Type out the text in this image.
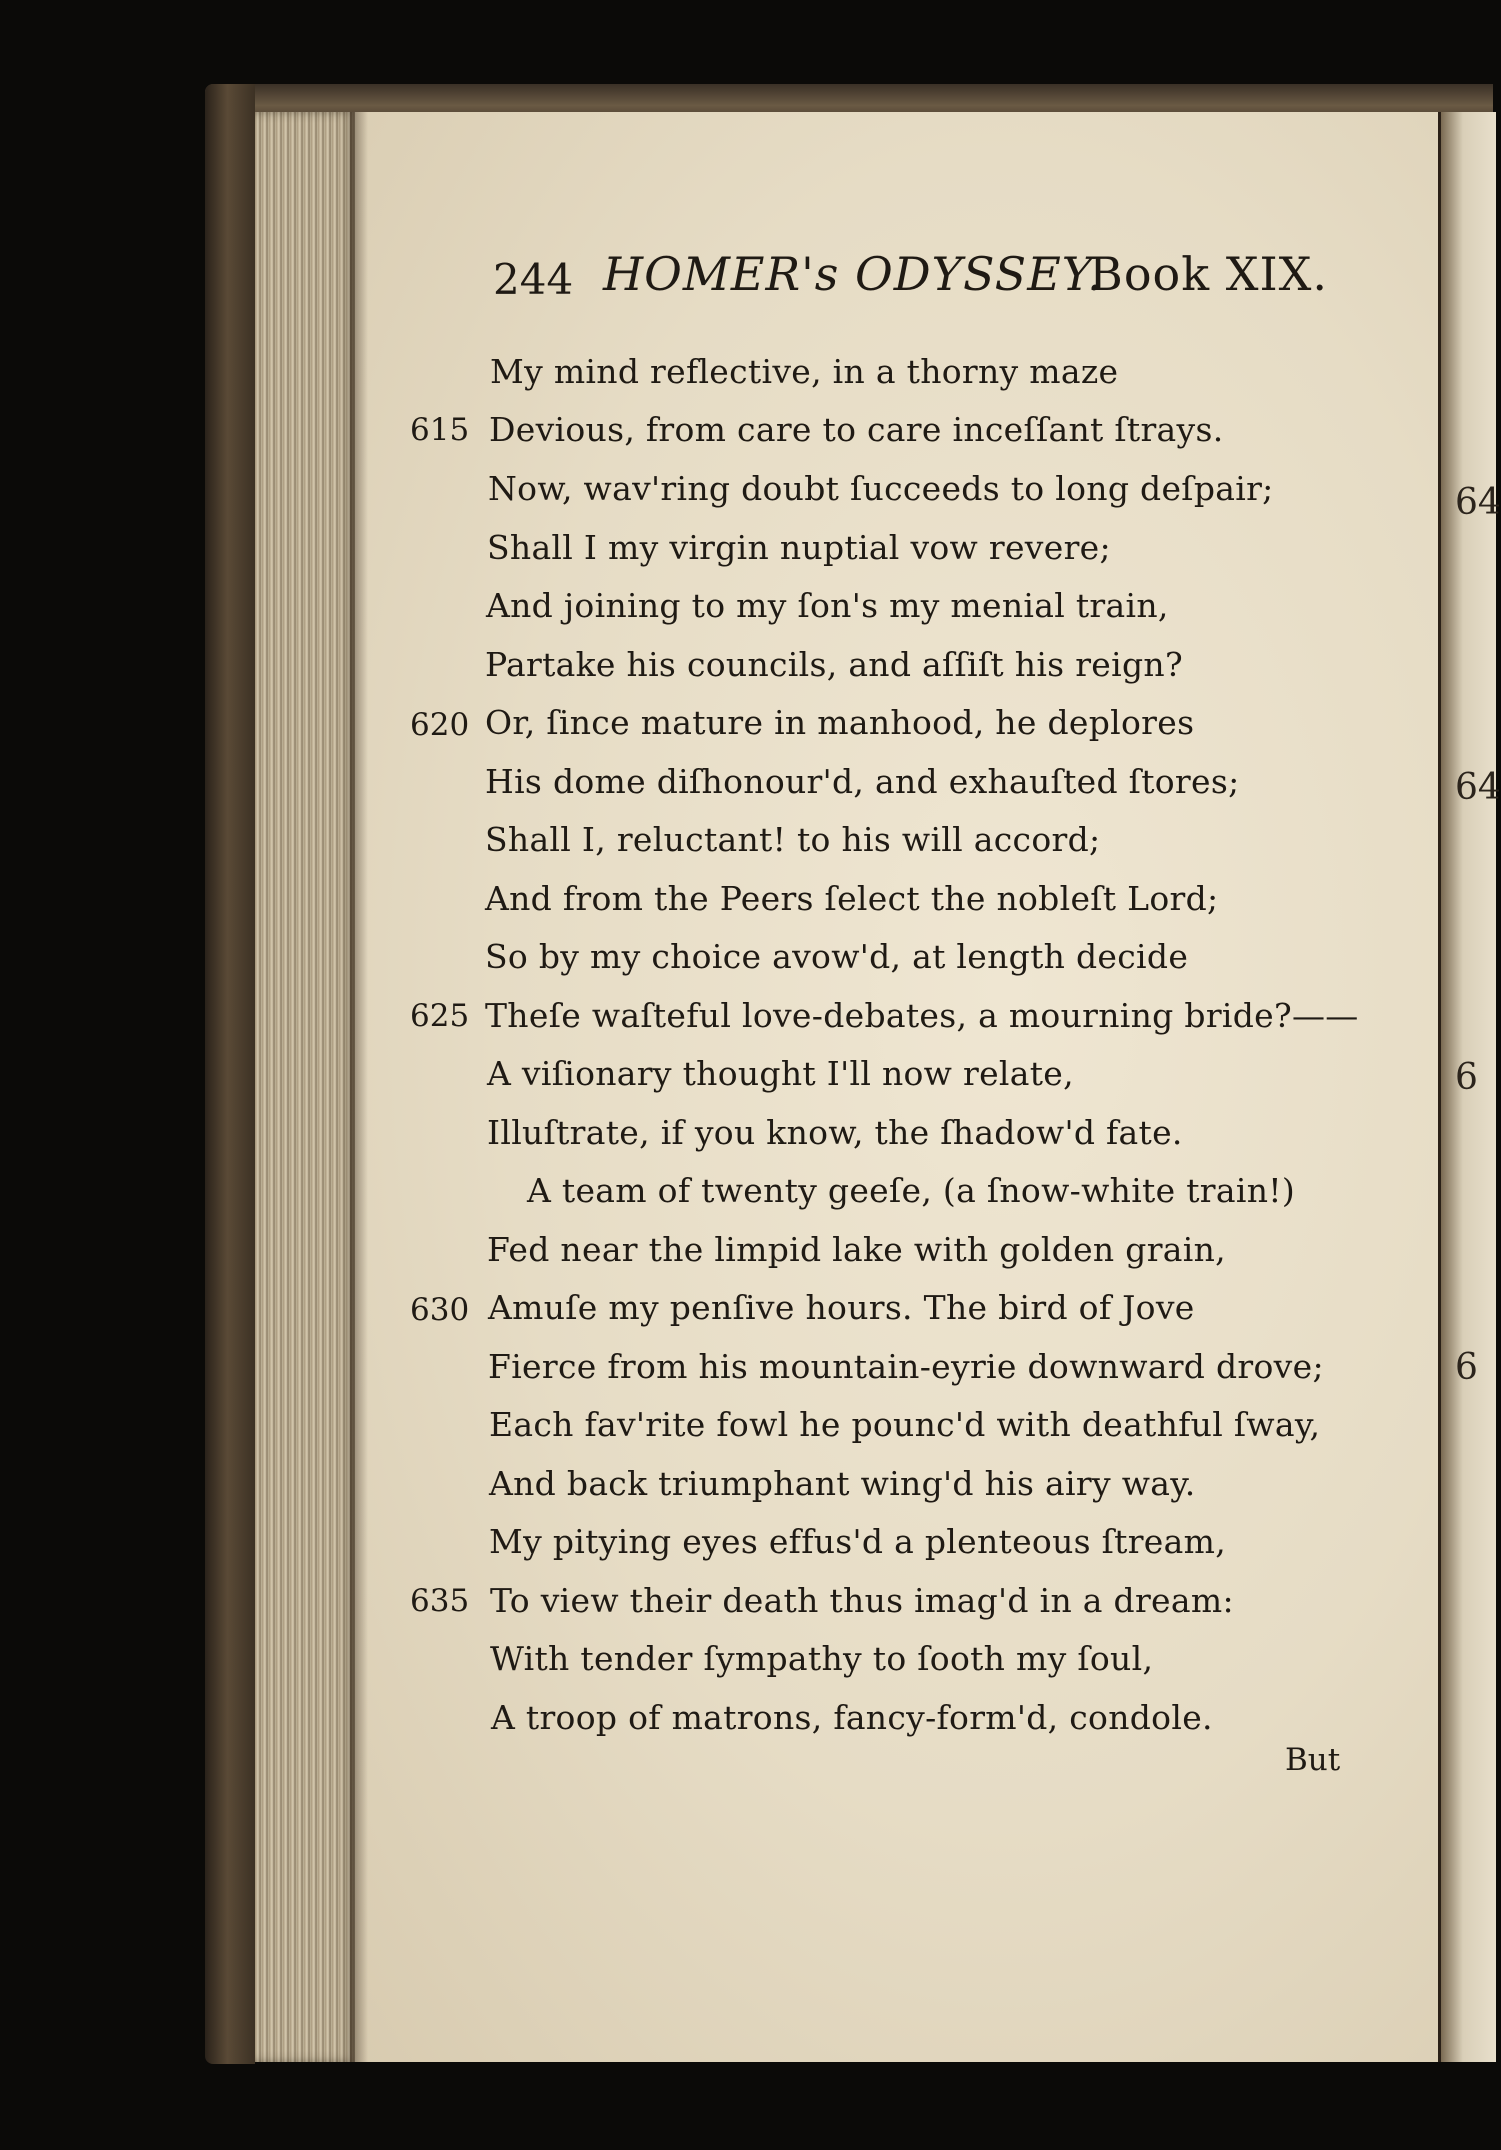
244 HOMER's ODYSSEY.
Book XIX.
My mind reflective, in a thorny maze
Devious, from care to care inceſſant ſtrays.
Now, wav'ring doubt ſucceeds to long deſpair;
Shall I my virgin nuptial vow revere;
And joining to my ſon's my menial train,
Partake his councils, and aſſiſt his reign?
Or, ſince mature in manhood, he deplores
His dome diſhonour'd, and exhauſted ſtores;
Shall I, reluctant! to his will accord;
And from the Peers ſelect the nobleſt Lord;
So by my choice avow'd, at length decide
Theſe waſteful love-debates, a mourning bride?——
A viſionary thought I'll now relate,
Illuſtrate, if you know, the ſhadow'd fate.
A team of twenty geeſe, (a ſnow-white train!)
Fed near the limpid lake with golden grain,
Amuſe my penſive hours. The bird of Jove
Fierce from his mountain-eyrie downward drove;
Each fav'rite fowl he pounc'd with deathful ſway,
And back triumphant wing'd his airy way.
My pitying eyes effus'd a plenteous ſtream,
To view their death thus imag'd in a dream:
With tender ſympathy to ſooth my ſoul,
A troop of matrons, fancy-form'd, condole.
615
620
625
630
635
But
64
64
6
6
